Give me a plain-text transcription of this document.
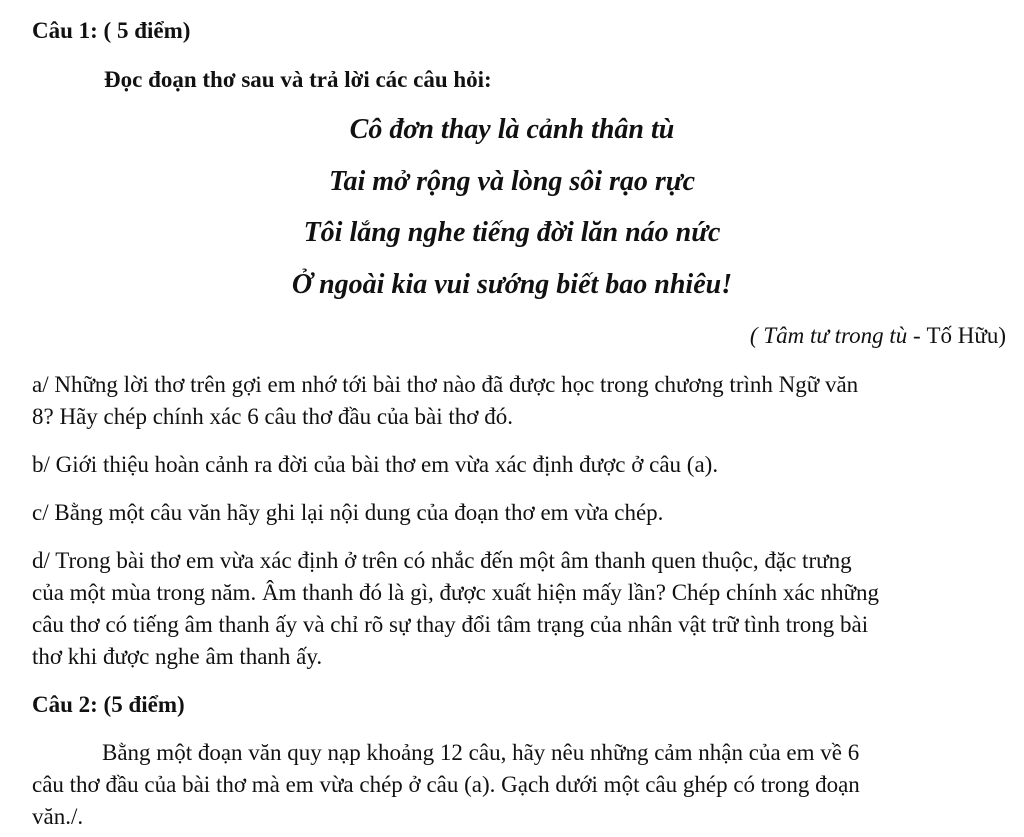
Câu 1: ( 5 điểm)
Đọc đoạn thơ sau và trả lời các câu hỏi:
Cô đơn thay là cảnh thân tù
Tai mở rộng và lòng sôi rạo rực
Tôi lắng nghe tiếng đời lăn náo nức
Ở ngoài kia vui sướng biết bao nhiêu!
( Tâm tư trong tù - Tố Hữu)
a/ Những lời thơ trên gợi em nhớ tới bài thơ nào đã được học trong chương trình Ngữ văn
8? Hãy chép chính xác 6 câu thơ đầu của bài thơ đó.
b/ Giới thiệu hoàn cảnh ra đời của bài thơ em vừa xác định được ở câu (a).
c/ Bằng một câu văn hãy ghi lại nội dung của đoạn thơ em vừa chép.
d/ Trong bài thơ em vừa xác định ở trên có nhắc đến một âm thanh quen thuộc, đặc trưng
của một mùa trong năm. Âm thanh đó là gì, được xuất hiện mấy lần? Chép chính xác những
câu thơ có tiếng âm thanh ấy và chỉ rõ sự thay đổi tâm trạng của nhân vật trữ tình trong bài
thơ khi được nghe âm thanh ấy.
Câu 2: (5 điểm)
Bằng một đoạn văn quy nạp khoảng 12 câu, hãy nêu những cảm nhận của em về 6
câu thơ đầu của bài thơ mà em vừa chép ở câu (a). Gạch dưới một câu ghép có trong đoạn
văn./.
